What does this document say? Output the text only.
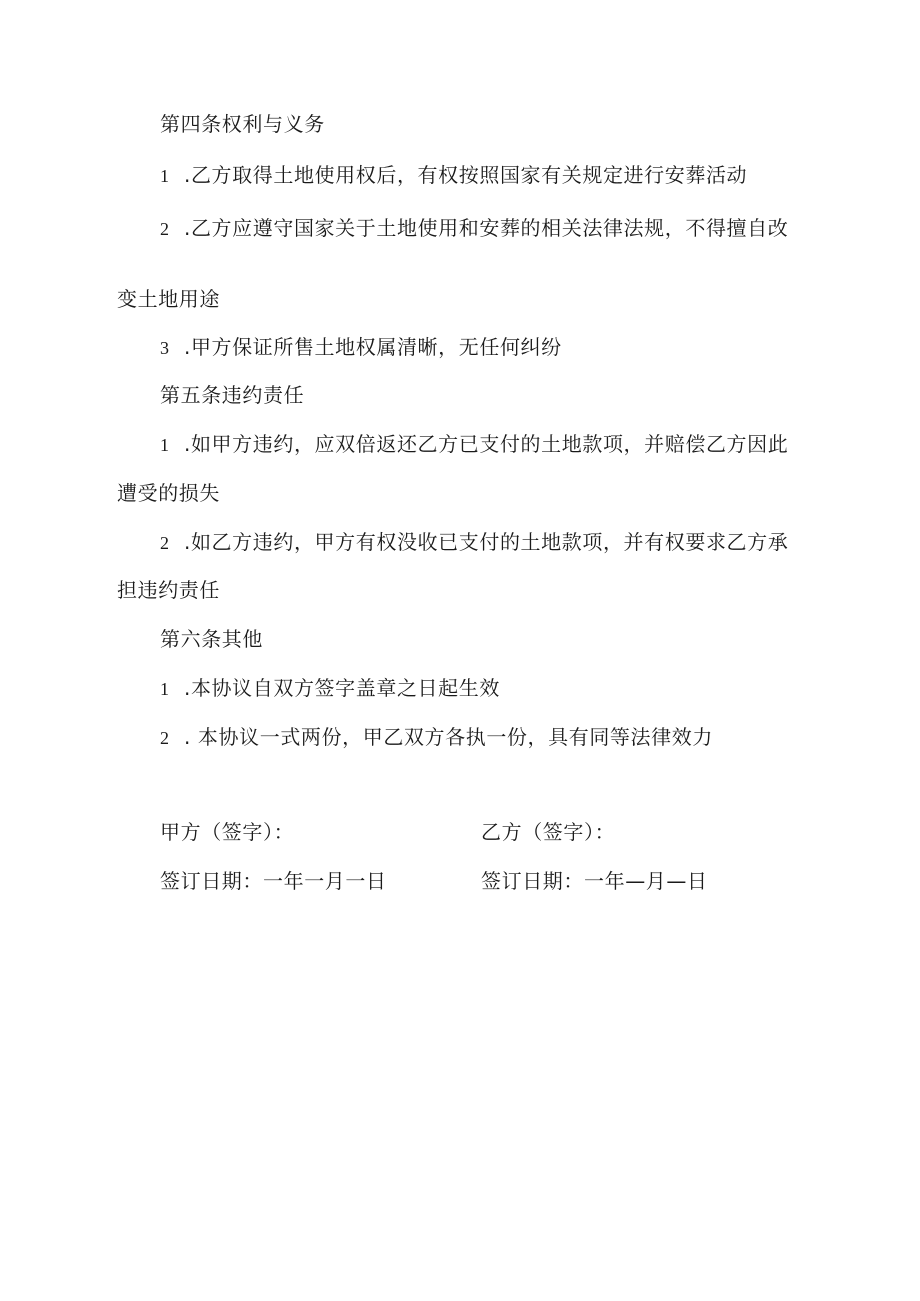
第四条权利与义务
1 .乙方取得土地使用权后，有权按照国家有关规定进行安葬活动
2 .乙方应遵守国家关于土地使用和安葬的相关法律法规，不得擅自改
变土地用途
3 .甲方保证所售土地权属清晰，无任何纠纷
第五条违约责任
1 .如甲方违约，应双倍返还乙方已支付的土地款项，并赔偿乙方因此
遭受的损失
2 .如乙方违约，甲方有权没收已支付的土地款项，并有权要求乙方承
担违约责任
第六条其他
1 .本协议自双方签字盖章之日起生效
2 . 本协议一式两份，甲乙双方各执一份，具有同等法律效力
甲方（签字）：
签订日期：一年一月一日
乙方（签字）：
签订日期：一年—月—日
